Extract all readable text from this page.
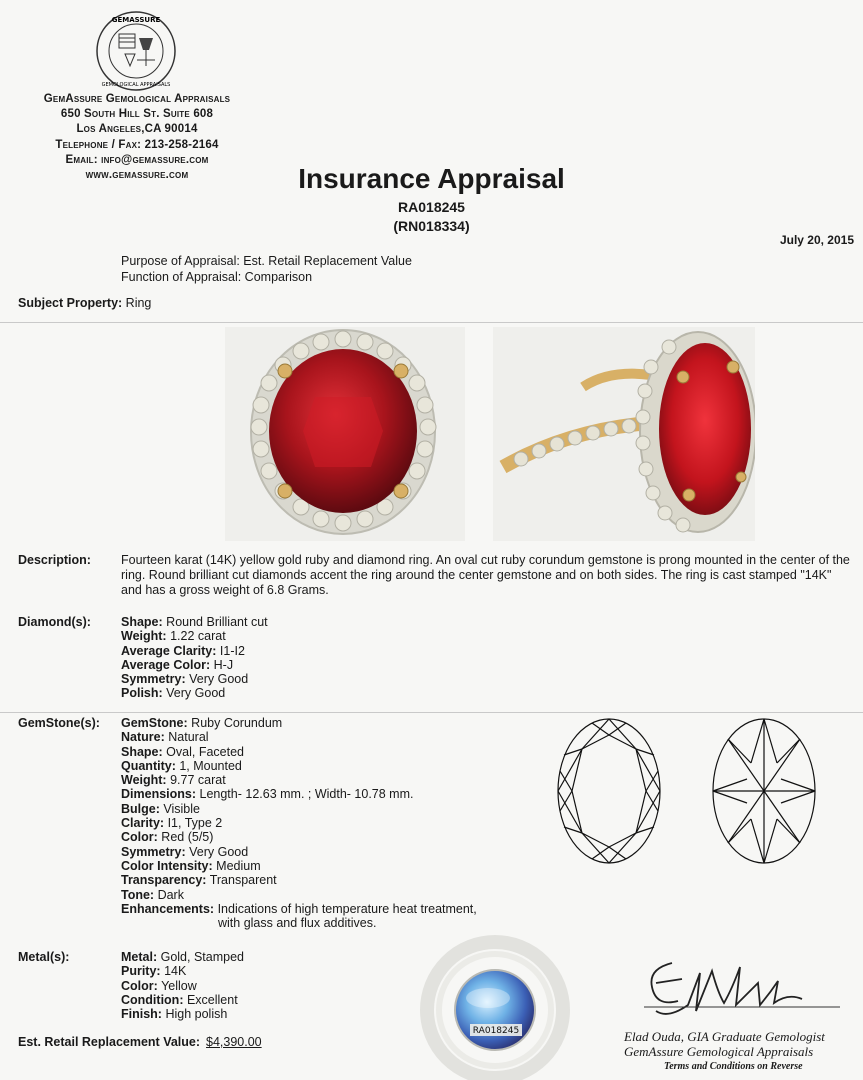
GEMASSURE
GEMOLOGICAL APPRAISALS
GemAssure Gemological Appraisals
650 South Hill St. Suite 608
Los Angeles,CA 90014
Telephone / Fax: 213-258-2164
Email: info@gemassure.com
www.gemassure.com	Insurance Appraisal
RA018245
(RN018334)
July 20, 2015
Purpose of Appraisal: Est. Retail Replacement Value
Function of Appraisal: Comparison
Subject Property: Ring
Description: Fourteen karat (14K) yellow gold ruby and diamond ring. An oval cut ruby corundum gemstone is prong mounted in the center of the ring. Round brilliant cut diamonds accent the ring around the center gemstone and on both sides. The ring is cast stamped "14K" and has a gross weight of 6.8 Grams.
Diamond(s): Shape: Round Brilliant cut
Weight: 1.22 carat
Average Clarity: I1-I2
Average Color: H-J
Symmetry: Very Good
Polish: Very Good
GemStone(s): GemStone: Ruby Corundum
Nature: Natural
Shape: Oval, Faceted
Quantity: 1, Mounted
Weight: 9.77 carat
Dimensions: Length- 12.63 mm. ; Width- 10.78 mm.
Bulge: Visible
Clarity: I1, Type 2
Color: Red (5/5)
Symmetry: Very Good
Color Intensity: Medium
Transparency: Transparent
Tone: Dark
Enhancements: Indications of high temperature heat treatment,
with glass and flux additives.
Metal(s):	Metal: Gold, Stamped
Purity: 14K
Color: Yellow
Condition: Excellent
Finish: High polish
Est. Retail Replacement Value: $4,390.00
RA018245	Elad Ouda, GIA Graduate Gemologist
GemAssure Gemological Appraisals
Terms and Conditions on Reverse
